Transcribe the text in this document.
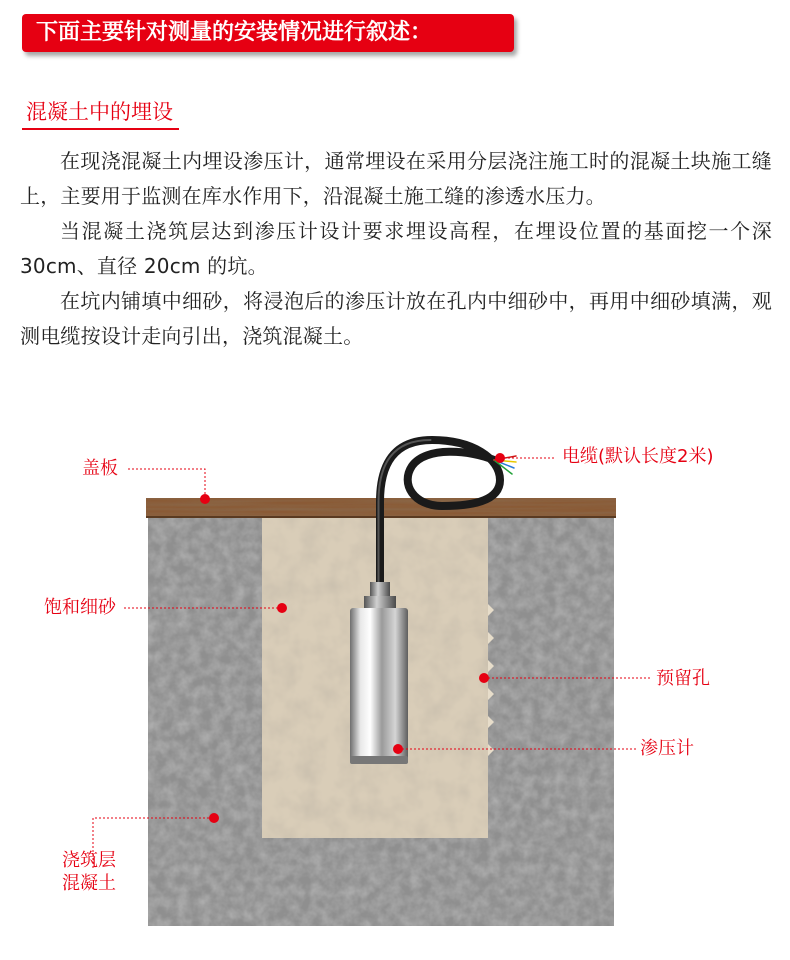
下面主要针对测量的安装情况进行叙述：
混凝土中的埋设

在现浇混凝土内埋设渗压计，通常埋设在采用分层浇注施工时的混凝土块施工缝上，主要用于监测在库水作用下，沿混凝土施工缝的渗透水压力。

当混凝土浇筑层达到渗压计设计要求埋设高程，在埋设位置的基面挖一个深 30cm、直径 20cm 的坑。

在坑内铺填中细砂，将浸泡后的渗压计放在孔内中细砂中，再用中细砂填满，观测电缆按设计走向引出，浇筑混凝土。

盖板
饱和细砂
浇筑层
混凝土
电缆(默认长度2米)
预留孔
渗压计
